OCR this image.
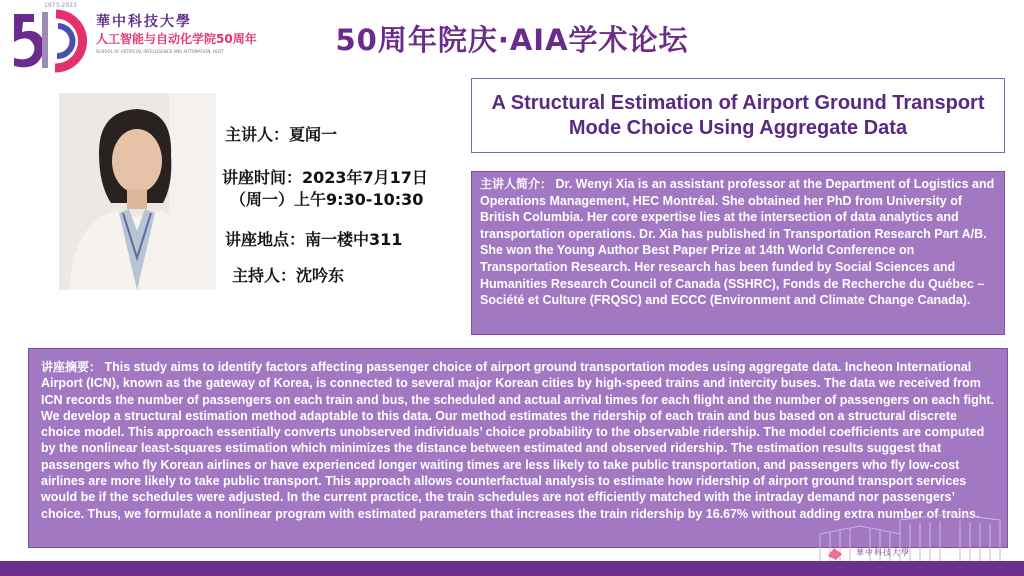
1973-2023
華中科技大學
人工智能与自动化学院50周年
SCHOOL OF ARTIFICIAL INTELLIGENCE AND AUTOMATION, HUST	50周年院庆·AIA学术论坛
主讲人：夏闻一
讲座时间：2023年7月17日
（周一）上午9:30-10:30
讲座地点：南一楼中311
主持人：沈吟东
A Structural Estimation of Airport Ground Transport Mode Choice Using Aggregate Data
主讲人简介： Dr. Wenyi Xia is an assistant professor at the Department of Logistics and Operations Management, HEC Montréal. She obtained her PhD from University of British Columbia. Her core expertise lies at the intersection of data analytics and transportation operations. Dr. Xia has published in Transportation Research Part A/B. She won the Young Author Best Paper Prize at 14th World Conference on Transportation Research. Her research has been funded by Social Sciences and Humanities Research Council of Canada (SSHRC), Fonds de Recherche du Québec – Société et Culture (FRQSC) and ECCC (Environment and Climate Change Canada).
讲座摘要： This study aims to identify factors affecting passenger choice of airport ground transportation modes using aggregate data. Incheon International Airport (ICN), known as the gateway of Korea, is connected to several major Korean cities by high-speed trains and intercity buses. The data we received from ICN records the number of passengers on each train and bus, the scheduled and actual arrival times for each flight and the number of passengers on each fight. We develop a structural estimation method adaptable to this data. Our method estimates the ridership of each train and bus based on a structural discrete choice model. This approach essentially converts unobserved individuals’ choice probability to the observable ridership. The model coefficients are computed by the nonlinear least-squares estimation which minimizes the distance between estimated and observed ridership. The estimation results suggest that passengers who fly Korean airlines or have experienced longer waiting times are less likely to take public transportation, and passengers who fly low-cost airlines are more likely to take public transport. This approach allows counterfactual analysis to estimate how ridership of airport ground transport services would be if the schedules were adjusted. In the current practice, the train schedules are not efficiently matched with the intraday demand nor passengers’ choice. Thus, we formulate a nonlinear program with estimated parameters that increases the train ridership by 16.67% without adding extra number of trains.
華中科技大學
